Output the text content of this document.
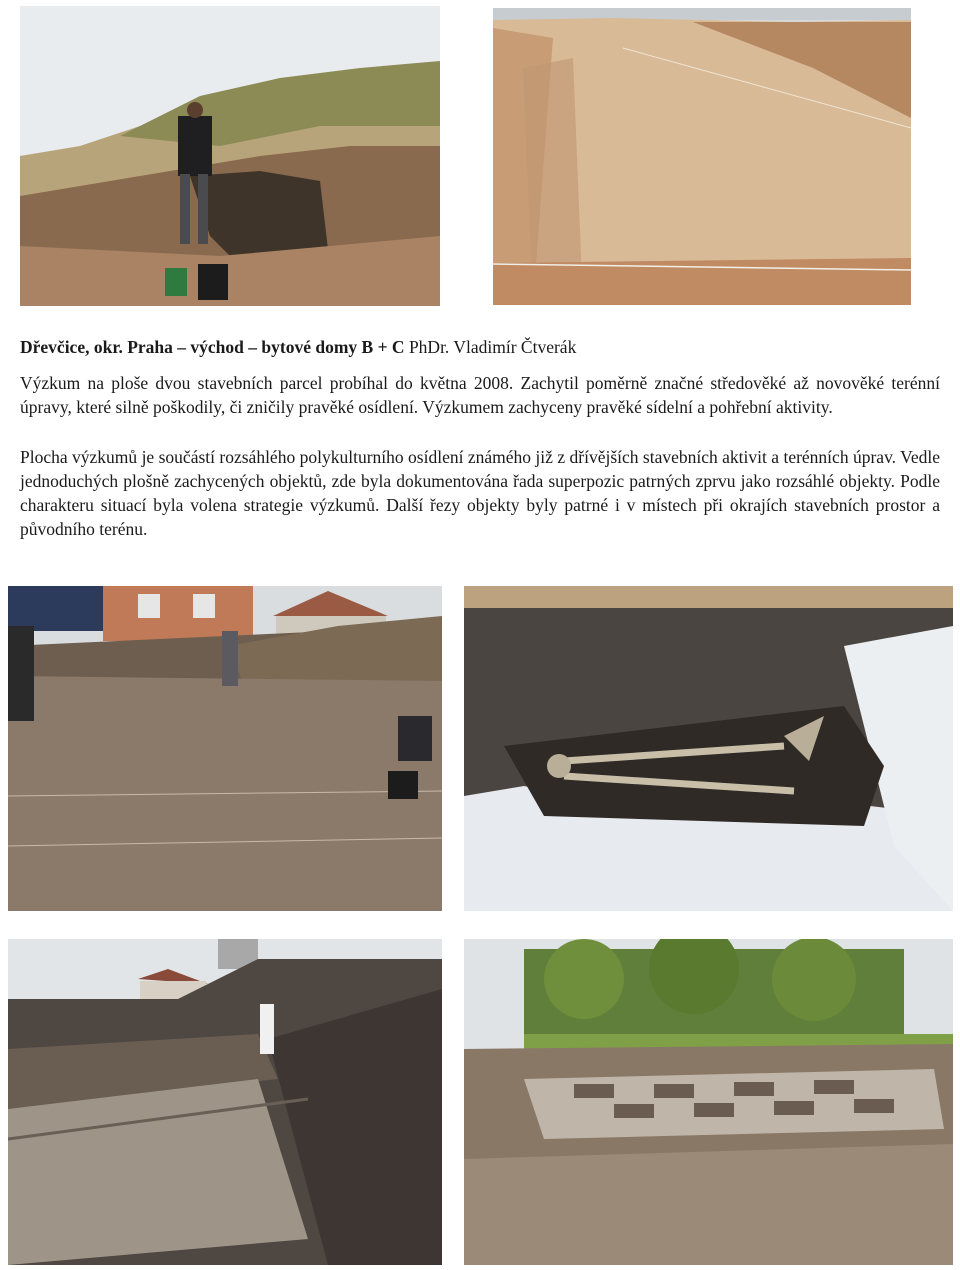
Dřevčice, okr. Praha – východ – bytové domy B + C PhDr. Vladimír Čtverák

Výzkum na ploše dvou stavebních parcel probíhal do května 2008. Zachytil poměrně značné středověké až novověké terénní úpravy, které silně poškodily, či zničily pravěké osídlení. Výzkumem zachyceny pravěké sídelní a pohřební aktivity.

Plocha výzkumů je součástí rozsáhlého polykulturního osídlení známého již z dřívějších stavebních aktivit a terénních úprav. Vedle jednoduchých plošně zachycených objektů, zde byla dokumentována řada superpozic patrných zprvu jako rozsáhlé objekty. Podle charakteru situací byla volena strategie výzkumů. Další řezy objekty byly patrné i v místech při okrajích stavebních prostor a původního terénu.
